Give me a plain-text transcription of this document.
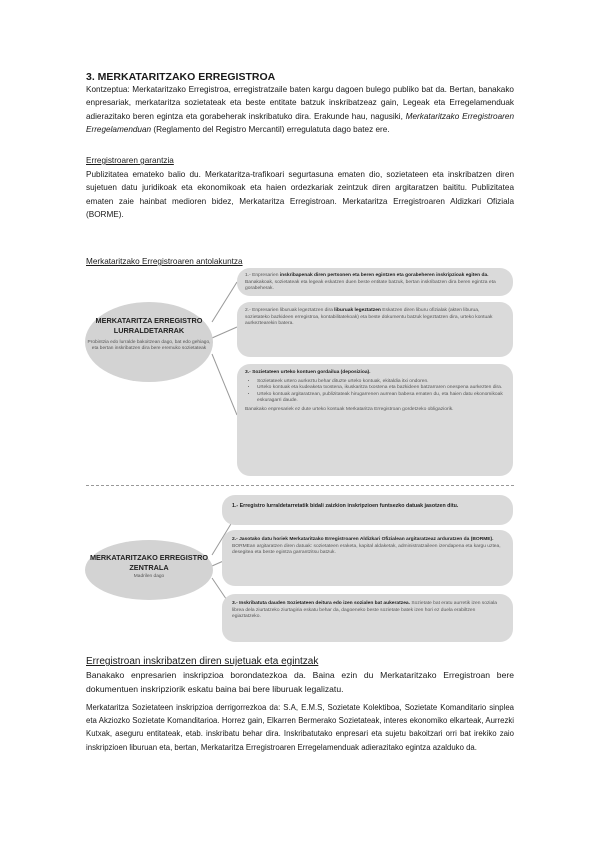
3. MERKATARITZAKO ERREGISTROA
Kontzeptua: Merkataritzako Erregistroa, erregistratzaile baten kargu dagoen bulego publiko bat da. Bertan, banakako enpresariak, merkataritza sozietateak eta beste entitate batzuk inskribatzeaz gain, Legeak eta Erregelamenduak adierazitako beren egintza eta gorabeherak inskribatuko dira. Erakunde hau, nagusiki, Merkataritzako Erregistroaren Erregelamenduan (Reglamento del Registro Mercantil) erregulatuta dago batez ere.
Erregistroaren garantzia
Publizitatea emateko balio du. Merkataritza-trafikoari segurtasuna ematen dio, sozietateen eta inskribatzen diren sujetuen datu juridikoak eta ekonomikoak eta haien ordezkariak zeintzuk diren argitaratzen baititu. Publizitatea ematen zaie hainbat medioren bidez, Merkataritza Erregistroan. Merkataritza Erregistroaren Aldizkari Ofiziala (BORME).
Merkataritzako Erregistroaren antolakuntza
MERKATARITZA ERREGISTRO LURRALDETARRAK
Probintzia edo lurralde bakoitzean dago, bat edo gehiago, eta bertan inskribatzen dira bere eremuko sozietateak
1.- Enpresarien inskribapenak diren pertsonen eta beren egintzen eta gorabeheren inskripzioak egiten da. Banakakoak, sozietateak eta legeak eskatzen duen beste entitate batzuk, bertan inskribatzen dira beren egintza eta gorabeherak.
2.- Enpresarien liburuak legeztatzen dira liburuak legeztatzen Eskatzen diren liburu ofizialak (akten liburua, sozietateko bazkideen erregistroa, kontabilitatekoak) eta beste dokumentu batzuk legeztatzen dira, urteko kontuak aurkeztearekin batera.
3.- Sozietateen urteko kontuen gordailua (deposizioa).
• Sozietateek urtero aurkeztu behar dituzte urteko kontuak, ekitaldia itxi ondoren.
• Urteko kontuak eta kudeaketa txostena, ikuskaritza txostena eta bazkideen batzarraren onespena aurkezten dira.
• Urteko kontuak argitaratzean, publizitateak hirugarrenen aurrean babesa ematen du, eta haien datu ekonomikoak eskuragarri daude.
Banakako enpresariek ez dute urteko kontuak Merkataritza Erregistroan gordetzeko obligaziorik.
MERKATARITZAKO ERREGISTRO ZENTRALA
Madrilen dago
1.- Erregistro lurraldetarretatik bidali zaizkion inskripzioen funtsezko datuak jasotzen ditu.
2.- Jasotako datu horiek Merkataritzako Erregistroaren Aldizkari Ofizialean argitaratzeaz arduratzen da (BORME). BORMEan argitaratzen diren datuak: sozietateen eraketa, kapital aldaketak, administratzaileen izendapena eta kargu uztea, desegitea eta beste egintza garrantzitsu batzuk.
3.- Inskribatuta dauden Sozietateen deitura edo izen sozialen bat aukeratzea. Sozietate bat eratu aurretik izen soziala librea dela ziurtatzeko ziurtagiria eskatu behar da, dagoeneko beste sozietate batek izen hori ez duela erabiltzen egiaztatzeko.
Erregistroan inskribatzen diren sujetuak eta egintzak
Banakako enpresarien inskripzioa borondatezkoa da. Baina ezin du Merkataritzako Erregistroan bere dokumentuen inskripziorik eskatu baina bai bere liburuak legalizatu.
Merkataritza Sozietateen inskripzioa derrigorrezkoa da: S.A, E.M.S, Sozietate Kolektiboa, Sozietate Komanditario sinplea eta Akziozko Sozietate Komanditarioa. Horrez gain, Elkarren Bermerako Sozietateak, interes ekonomiko elkarteak, Aurrezki Kutxak, aseguru entitateak, etab. inskribatu behar dira. Inskribatutako enpresari eta sujetu bakoitzari orri bat irekiko zaio inskripzioen liburuan eta, bertan, Merkataritza Erregistroaren Erregelamenduak adierazitako egintza azalduko da.
